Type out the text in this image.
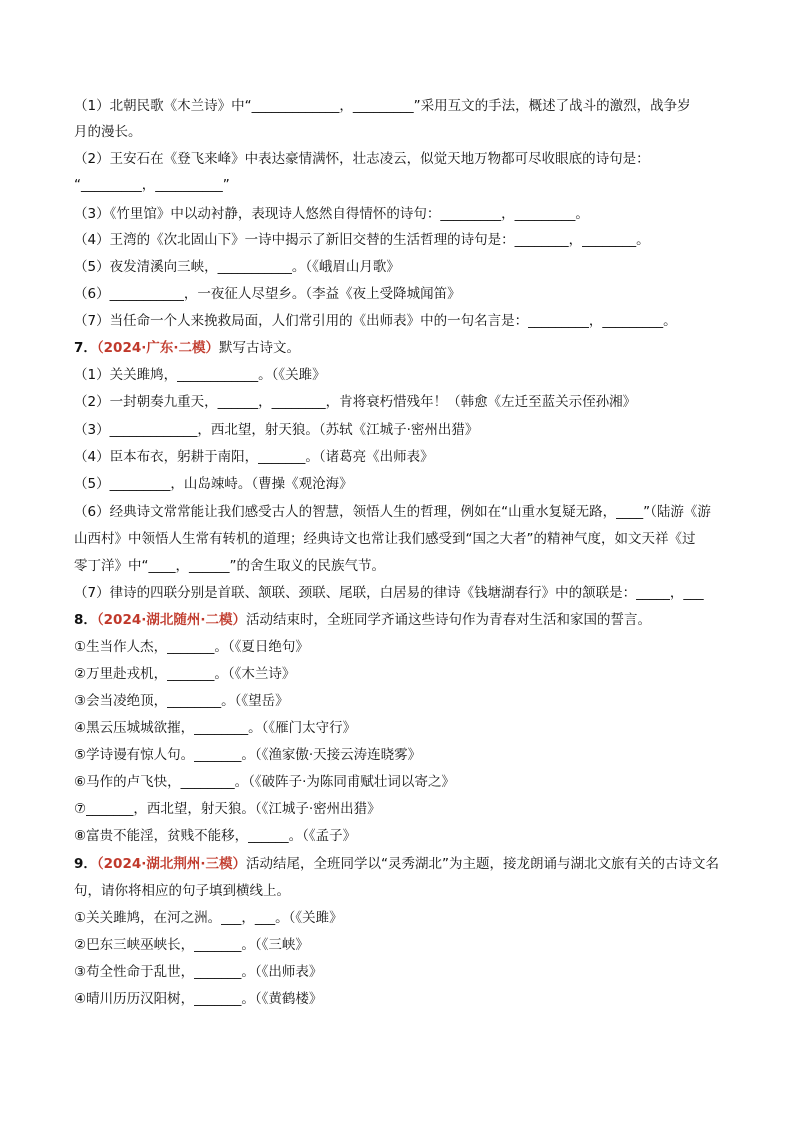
（1）北朝民歌《木兰诗》中“_____________，_________”采用互文的手法，概述了战斗的激烈，战争岁
月的漫长。
（2）王安石在《登飞来峰》中表达豪情满怀，壮志凌云，似觉天地万物都可尽收眼底的诗句是：
“_________，__________”
（3）《竹里馆》中以动衬静，表现诗人悠然自得情怀的诗句：_________，_________。
（4）王湾的《次北固山下》一诗中揭示了新旧交替的生活哲理的诗句是：________，________。
（5）夜发清溪向三峡，___________。（《峨眉山月歌》
（6）___________，一夜征人尽望乡。（李益《夜上受降城闻笛》
（7）当任命一个人来挽救局面，人们常引用的《出师表》中的一句名言是：_________，_________。
7．（2024·广东·二模）默写古诗文。
（1）关关雎鸠，____________。（《关雎》
（2）一封朝奏九重天，______，________，肯将衰朽惜残年！（韩愈《左迁至蓝关示侄孙湘》
（3）_____________，西北望，射天狼。（苏轼《江城子·密州出猎》
（4）臣本布衣，躬耕于南阳，_______。（诸葛亮《出师表》
（5）_________，山岛竦峙。（曹操《观沧海》
（6）经典诗文常常能让我们感受古人的智慧，领悟人生的哲理，例如在“山重水复疑无路，____”（陆游《游
山西村》中领悟人生常有转机的道理；经典诗文也常让我们感受到“国之大者”的精神气度，如文天祥《过
零丁洋》中“____，______”的舍生取义的民族气节。
（7）律诗的四联分别是首联、颔联、颈联、尾联，白居易的律诗《钱塘湖春行》中的颔联是：_____，___
8．（2024·湖北随州·二模）活动结束时，全班同学齐诵这些诗句作为青春对生活和家国的誓言。
①生当作人杰，_______。（《夏日绝句》
②万里赴戎机，_______。（《木兰诗》
③会当凌绝顶，________。（《望岳》
④黑云压城城欲摧，________。（《雁门太守行》
⑤学诗谩有惊人句。_______。（《渔家傲·天接云涛连晓雾》
⑥马作的卢飞快，________。（《破阵子·为陈同甫赋壮词以寄之》
⑦_______，西北望，射天狼。（《江城子·密州出猎》
⑧富贵不能淫，贫贱不能移，______。（《孟子》
9．（2024·湖北荆州·三模）活动结尾，全班同学以“灵秀湖北”为主题，接龙朗诵与湖北文旅有关的古诗文名
句，请你将相应的句子填到横线上。
①关关雎鸠，在河之洲。___，___。（《关雎》
②巴东三峡巫峡长，_______。（《三峡》
③苟全性命于乱世，_______。（《出师表》
④晴川历历汉阳树，_______。（《黄鹤楼》
